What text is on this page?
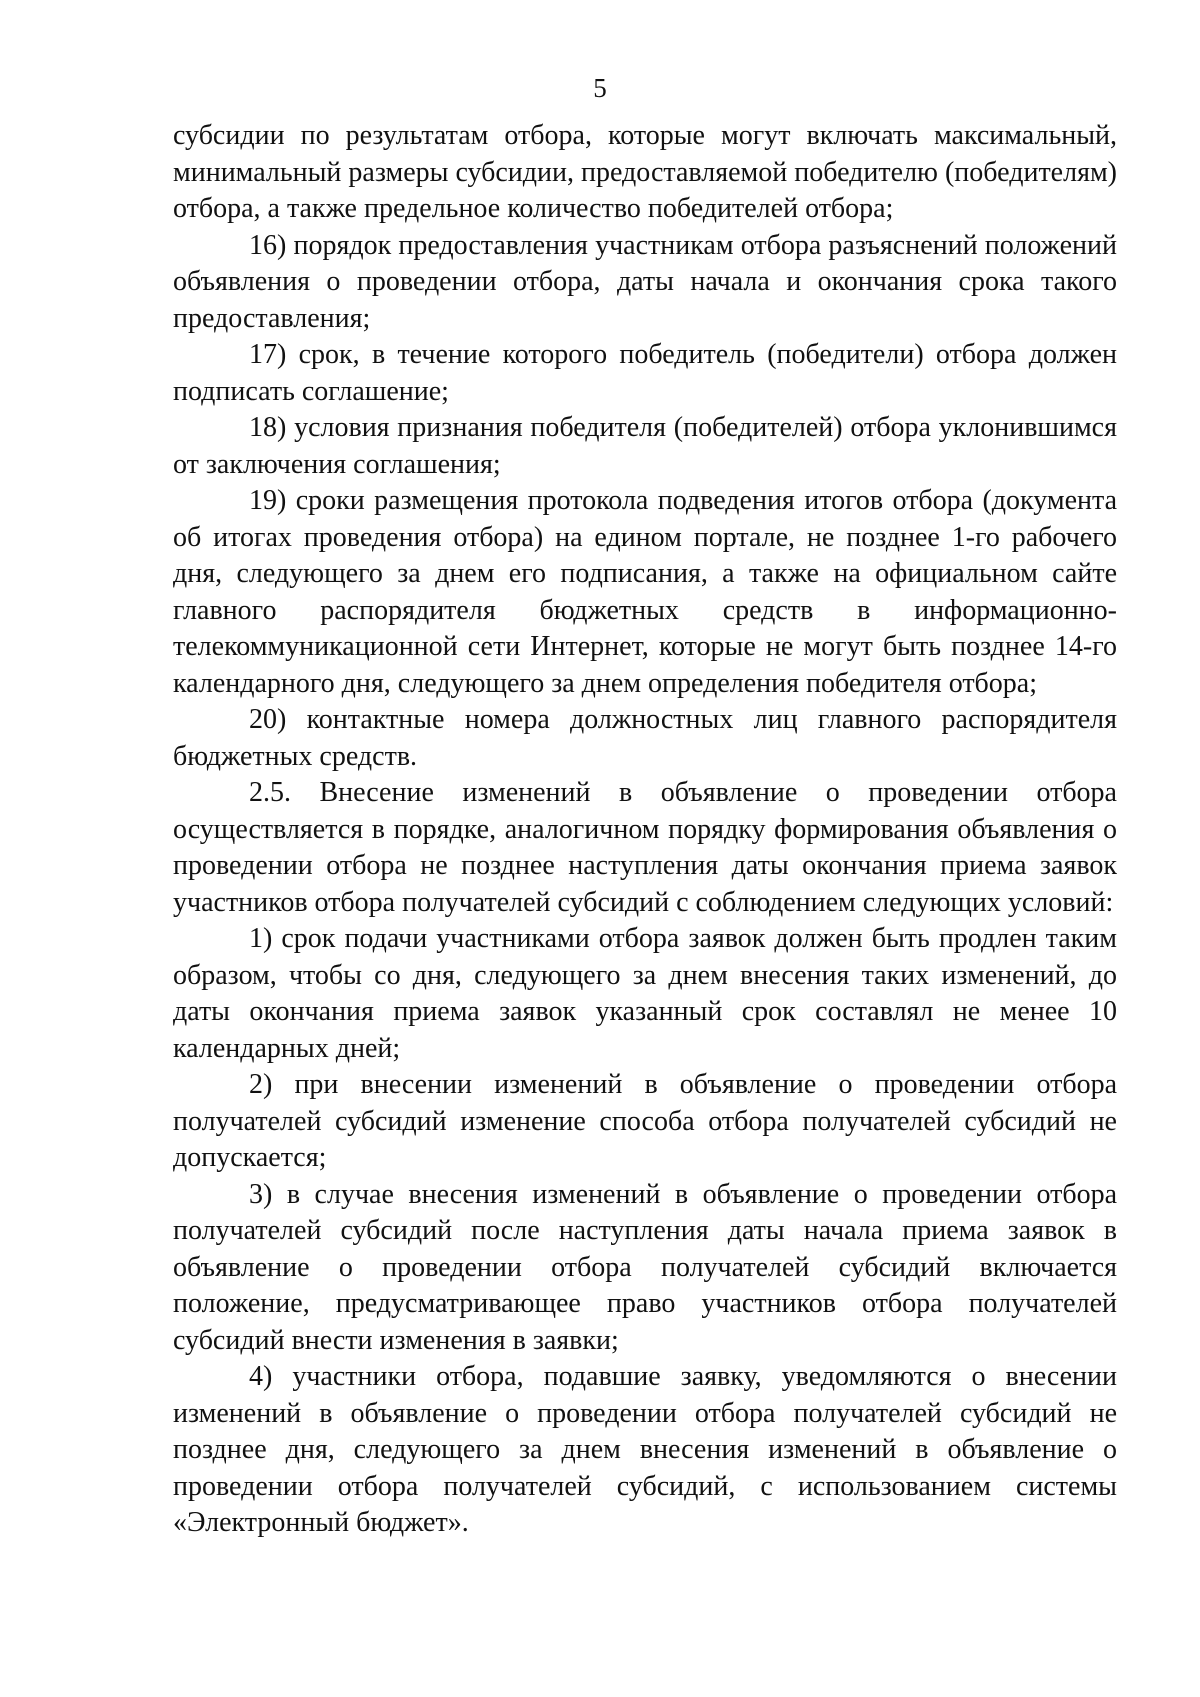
5

субсидии по результатам отбора, которые могут включать максимальный, минимальный размеры субсидии, предоставляемой победителю (победителям) отбора, а также предельное количество победителей отбора;

16) порядок предоставления участникам отбора разъяснений положений объявления о проведении отбора, даты начала и окончания срока такого предоставления;

17) срок, в течение которого победитель (победители) отбора должен подписать соглашение;

18) условия признания победителя (победителей) отбора уклонившимся от заключения соглашения;

19) сроки размещения протокола подведения итогов отбора (документа об итогах проведения отбора) на едином портале, не позднее 1-го рабочего дня, следующего за днем его подписания, а также на официальном сайте главного распорядителя бюджетных средств в информационно-телекоммуникационной сети Интернет, которые не могут быть позднее 14-го календарного дня, следующего за днем определения победителя отбора;

20) контактные номера должностных лиц главного распорядителя бюджетных средств.

2.5. Внесение изменений в объявление о проведении отбора осуществляется в порядке, аналогичном порядку формирования объявления о проведении отбора не позднее наступления даты окончания приема заявок участников отбора получателей субсидий с соблюдением следующих условий:

1) срок подачи участниками отбора заявок должен быть продлен таким образом, чтобы со дня, следующего за днем внесения таких изменений, до даты окончания приема заявок указанный срок составлял не менее 10 календарных дней;

2) при внесении изменений в объявление о проведении отбора получателей субсидий изменение способа отбора получателей субсидий не допускается;

3) в случае внесения изменений в объявление о проведении отбора получателей субсидий после наступления даты начала приема заявок в объявление о проведении отбора получателей субсидий включается положение, предусматривающее право участников отбора получателей субсидий внести изменения в заявки;

4) участники отбора, подавшие заявку, уведомляются о внесении изменений в объявление о проведении отбора получателей субсидий не позднее дня, следующего за днем внесения изменений в объявление о проведении отбора получателей субсидий, с использованием системы «Электронный бюджет».
